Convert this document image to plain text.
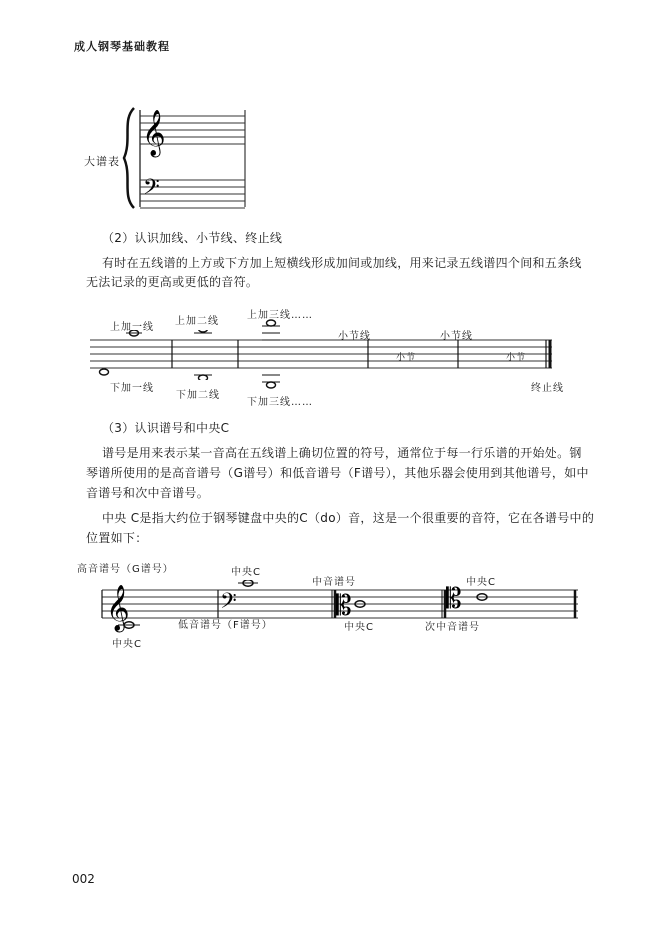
成人钢琴基础教程
大谱表
𝄞
𝄢
（2）认识加线、小节线、终止线
有时在五线谱的上方或下方加上短横线形成加间或加线，用来记录五线谱四个间和五条线
无法记录的更高或更低的音符。
上加一线
上加二线
上加三线……
下加一线
下加二线
下加三线……
小节线	小节线
小节	小节
终止线
（3）认识谱号和中央C
谱号是用来表示某一音高在五线谱上确切位置的符号，通常位于每一行乐谱的开始处。钢
琴谱所使用的是高音谱号（G谱号）和低音谱号（F谱号），其他乐器会使用到其他谱号，如中
音谱号和次中音谱号。
中央 C是指大约位于钢琴键盘中央的C（do）音，这是一个很重要的音符，它在各谱号中的
位置如下：
𝄞	𝄢	𝄡	𝄡
高音谱号（G谱号）
中央C
中央C
低音谱号（F谱号）
中音谱号
中央C
中央C
次中音谱号
002
